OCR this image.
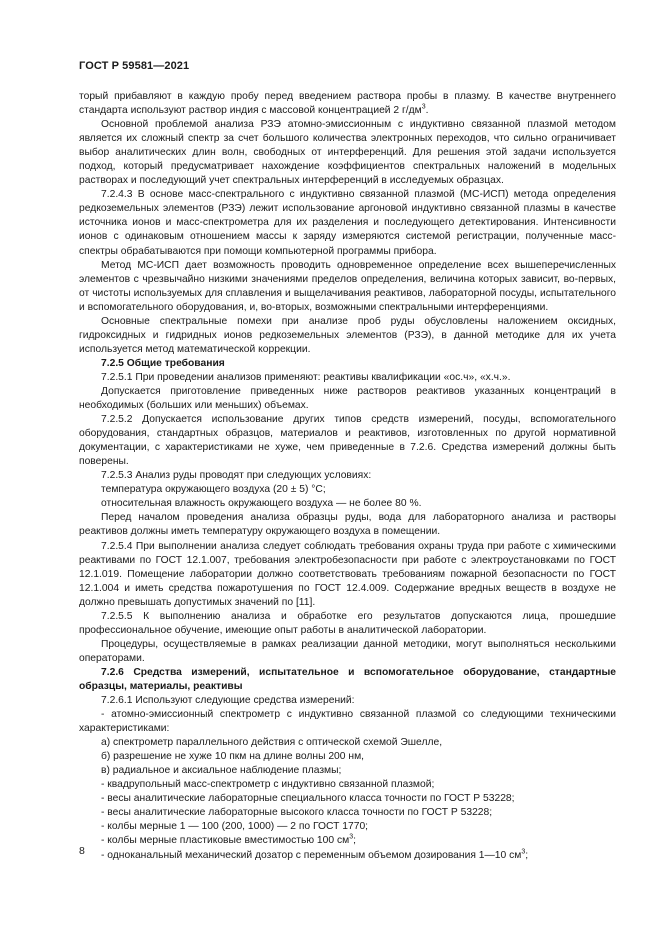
ГОСТ Р 59581—2021

торый прибавляют в каждую пробу перед введением раствора пробы в плазму. В качестве внутреннего стандарта используют раствор индия с массовой концентрацией 2 $г/дм^3$.

Основной проблемой анализа РЗЭ атомно-эмиссионным с индуктивно связанной плазмой методом является их сложный спектр за счет большого количества электронных переходов, что сильно ограничивает выбор аналитических длин волн, свободных от интерференций. Для решения этой задачи используется подход, который предусматривает нахождение коэффициентов спектральных наложений в модельных растворах и последующий учет спектральных интерференций в исследуемых образцах.

7.2.4.3 В основе масс-спектрального с индуктивно связанной плазмой (МС-ИСП) метода определения редкоземельных элементов (РЗЭ) лежит использование аргоновой индуктивно связанной плазмы в качестве источника ионов и масс-спектрометра для их разделения и последующего детектирования. Интенсивности ионов с одинаковым отношением массы к заряду измеряются системой регистрации, полученные масс-спектры обрабатываются при помощи компьютерной программы прибора.

Метод МС-ИСП дает возможность проводить одновременное определение всех вышеперечисленных элементов с чрезвычайно низкими значениями пределов определения, величина которых зависит, во-первых, от чистоты используемых для сплавления и выщелачивания реактивов, лабораторной посуды, испытательного и вспомогательного оборудования, и, во-вторых, возможными спектральными интерференциями.

Основные спектральные помехи при анализе проб руды обусловлены наложением оксидных, гидроксидных и гидридных ионов редкоземельных элементов (РЗЭ), в данной методике для их учета используется метод математической коррекции.

7.2.5 Общие требования

7.2.5.1 При проведении анализов применяют: реактивы квалификации «ос.ч», «х.ч.».

Допускается приготовление приведенных ниже растворов реактивов указанных концентраций в необходимых (больших или меньших) объемах.

7.2.5.2 Допускается использование других типов средств измерений, посуды, вспомогательного оборудования, стандартных образцов, материалов и реактивов, изготовленных по другой нормативной документации, с характеристиками не хуже, чем приведенные в 7.2.6. Средства измерений должны быть поверены.

7.2.5.3 Анализ руды проводят при следующих условиях:

температура окружающего воздуха (20 ± 5) °С;

относительная влажность окружающего воздуха — не более 80 %.

Перед началом проведения анализа образцы руды, вода для лабораторного анализа и растворы реактивов должны иметь температуру окружающего воздуха в помещении.

7.2.5.4 При выполнении анализа следует соблюдать требования охраны труда при работе с химическими реактивами по ГОСТ 12.1.007, требования электробезопасности при работе с электроустановками по ГОСТ 12.1.019. Помещение лаборатории должно соответствовать требованиям пожарной безопасности по ГОСТ 12.1.004 и иметь средства пожаротушения по ГОСТ 12.4.009. Содержание вредных веществ в воздухе не должно превышать допустимых значений по [11].

7.2.5.5 К выполнению анализа и обработке его результатов допускаются лица, прошедшие профессиональное обучение, имеющие опыт работы в аналитической лаборатории.

Процедуры, осуществляемые в рамках реализации данной методики, могут выполняться несколькими операторами.

7.2.6 Средства измерений, испытательное и вспомогательное оборудование, стандартные образцы, материалы, реактивы

7.2.6.1 Используют следующие средства измерений:

- атомно-эмиссионный спектрометр с индуктивно связанной плазмой со следующими техническими характеристиками:

а) спектрометр параллельного действия с оптической схемой Эшелле,

б) разрешение не хуже 10 пкм на длине волны 200 нм,

в) радиальное и аксиальное наблюдение плазмы;

- квадрупольный масс-спектрометр с индуктивно связанной плазмой;

- весы аналитические лабораторные специального класса точности по ГОСТ Р 53228;

- весы аналитические лабораторные высокого класса точности по ГОСТ Р 53228;

- колбы мерные 1 — 100 (200, 1000) — 2 по ГОСТ 1770;

- колбы мерные пластиковые вместимостью 100 $см^3$;

- одноканальный механический дозатор с переменным объемом дозирования 1—10 $см^3$;

8
